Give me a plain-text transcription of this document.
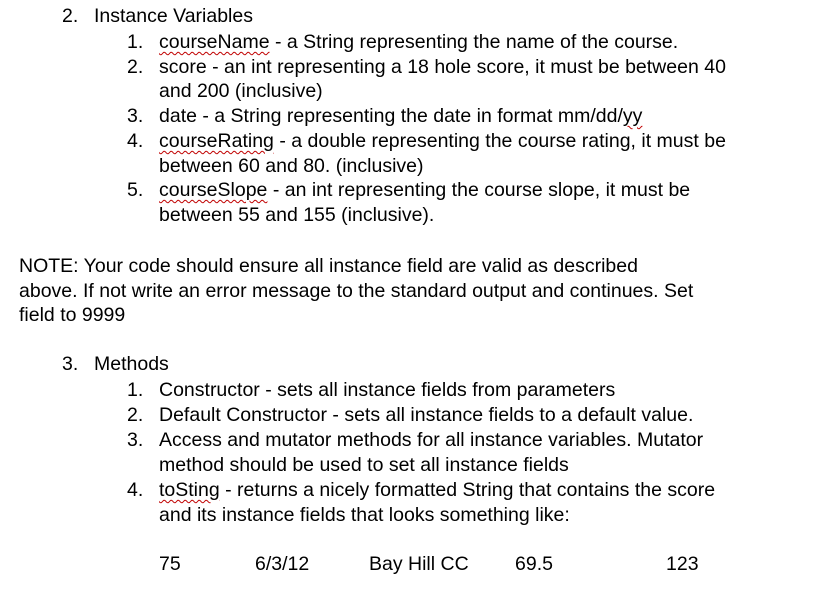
2. Instance Variables
1. courseName - a String representing the name of the course.
2. score - an int representing a 18 hole score, it must be between 40
and 200 (inclusive)
3. date - a String representing the date in format mm/dd/yy
4. courseRating - a double representing the course rating, it must be
between 60 and 80. (inclusive)
5. courseSlope - an int representing the course slope, it must be
between 55 and 155 (inclusive).
NOTE: Your code should ensure all instance field are valid as described
above. If not write an error message to the standard output and continues. Set
field to 9999
3. Methods
1. Constructor - sets all instance fields from parameters
2. Default Constructor - sets all instance fields to a default value.
3. Access and mutator methods for all instance variables. Mutator
method should be used to set all instance fields
4. toSting - returns a nicely formatted String that contains the score
and its instance fields that looks something like:
75	6/3/12	Bay Hill CC 69.5	123
